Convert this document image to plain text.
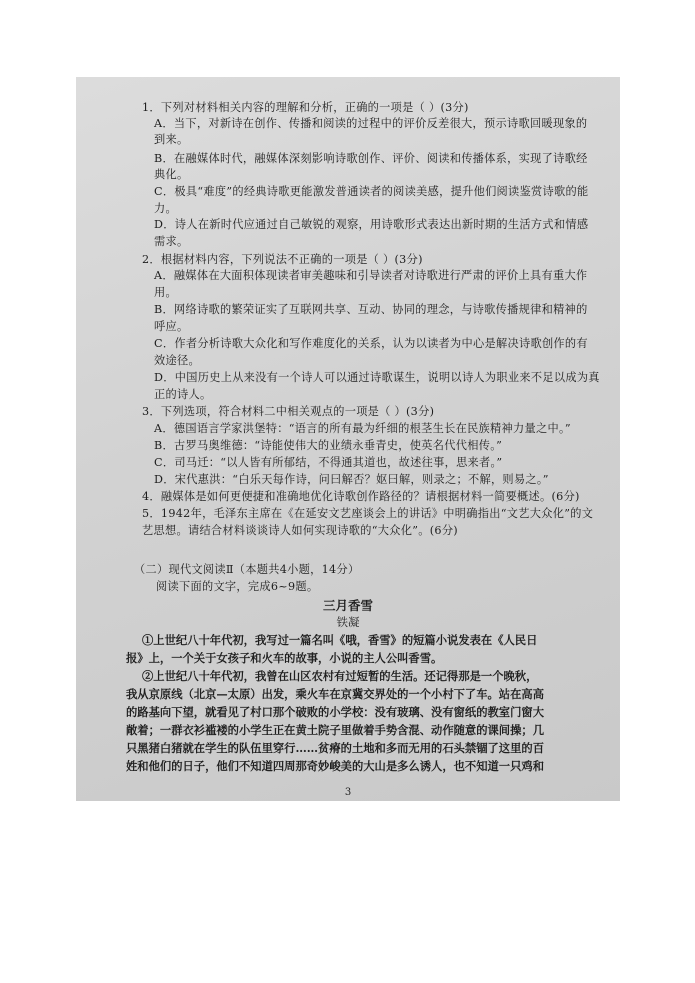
1．下列对材料相关内容的理解和分析，正确的一项是（ ）(3分)
A．当下，对新诗在创作、传播和阅读的过程中的评价反差很大，预示诗歌回暖现象的
到来。
B．在融媒体时代，融媒体深刻影响诗歌创作、评价、阅读和传播体系，实现了诗歌经
典化。
C．极具“难度”的经典诗歌更能激发普通读者的阅读美感，提升他们阅读鉴赏诗歌的能
力。
D．诗人在新时代应通过自己敏锐的观察，用诗歌形式表达出新时期的生活方式和情感
需求。
2．根据材料内容，下列说法不正确的一项是（ ）(3分)
A．融媒体在大面积体现读者审美趣味和引导读者对诗歌进行严肃的评价上具有重大作
用。
B．网络诗歌的繁荣证实了互联网共享、互动、协同的理念，与诗歌传播规律和精神的
呼应。
C．作者分析诗歌大众化和写作难度化的关系，认为以读者为中心是解决诗歌创作的有
效途径。
D．中国历史上从来没有一个诗人可以通过诗歌谋生，说明以诗人为职业来不足以成为真
正的诗人。
3．下列选项，符合材料二中相关观点的一项是（ ）(3分)
A．德国语言学家洪堡特：“语言的所有最为纤细的根茎生长在民族精神力量之中。”
B．古罗马奥维德：“诗能使伟大的业绩永垂青史，使英名代代相传。”
C．司马迁：“以人皆有所郁结，不得通其道也，故述往事，思来者。”
D．宋代惠洪：“白乐天每作诗，问曰解否？妪曰解，则录之；不解，则易之。”
4．融媒体是如何更便捷和准确地优化诗歌创作路径的？请根据材料一简要概述。(6分)
5．1942年，毛泽东主席在《在延安文艺座谈会上的讲话》中明确指出“文艺大众化”的文
艺思想。请结合材料谈谈诗人如何实现诗歌的“大众化”。(6分)
（二）现代文阅读Ⅱ（本题共4小题，14分）
阅读下面的文字，完成6~9题。
三月香雪
铁凝
①上世纪八十年代初，我写过一篇名叫《哦，香雪》的短篇小说发表在《人民日
报》上，一个关于女孩子和火车的故事，小说的主人公叫香雪。
②上世纪八十年代初，我曾在山区农村有过短暂的生活。还记得那是一个晚秋，
我从京原线（北京—太原）出发，乘火车在京冀交界处的一个小村下了车。站在高高
的路基向下望，就看见了村口那个破败的小学校：没有玻璃、没有窗纸的教室门窗大
敞着；一群衣衫褴褛的小学生正在黄土院子里做着手势含混、动作随意的课间操；几
只黑猪白猪就在学生的队伍里穿行……贫瘠的土地和多而无用的石头禁锢了这里的百
姓和他们的日子，他们不知道四周那奇妙峻美的大山是多么诱人，也不知道一只鸡和
3
